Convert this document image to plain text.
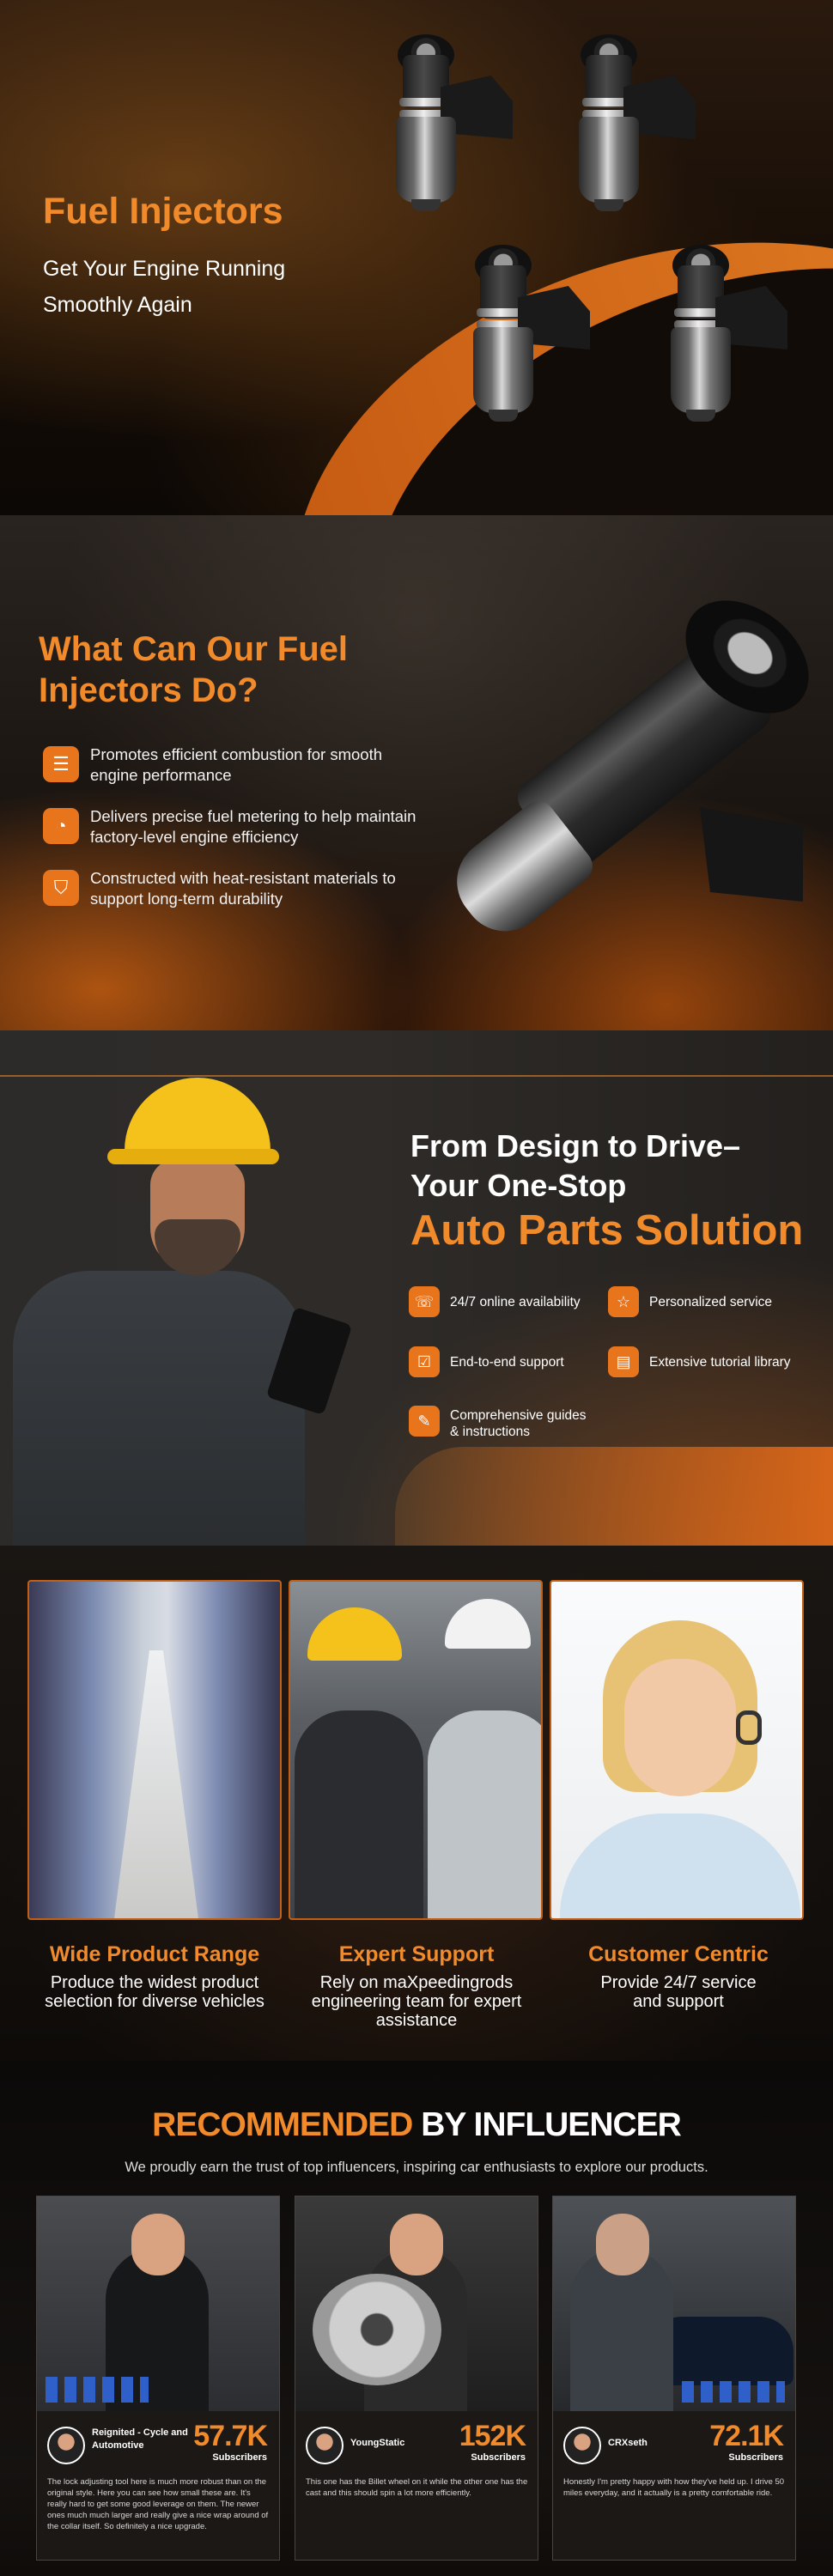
Fuel Injectors

Get Your Engine Running Smoothly Again

What Can Our Fuel Injectors Do?
☰	Promotes efficient combustion for smooth engine performance
◔	Delivers precise fuel metering to help maintain factory-level engine efficiency
⛉	Constructed with heat-resistant materials to support long-term durability
From Design to Drive–Your One-Stop
Auto Parts Solution
☏	24/7 online availability	☆	Personalized service
☑	End-to-end support	▤	Extensive tutorial library
✎	Comprehensive guides & instructions
Wide Product Range
Produce the widest product selection for diverse vehicles
Expert Support
Rely on maXpeedingrods engineering team for expert assistance
Customer Centric
Provide 24/7 service and support
RECOMMENDED BY INFLUENCER

We proudly earn the trust of top influencers, inspiring car enthusiasts to explore our products.

Reignited - Cycle and Automotive	57.7K
Subscribers
The lock adjusting tool here is much more robust than on the original style. Here you can see how small these are. It's really hard to get some good leverage on them. The newer ones much much larger and really give a nice wrap around of the collar itself. So definitely a nice upgrade.
YoungStatic	152K
Subscribers
This one has the Billet wheel on it while the other one has the cast and this should spin a lot more efficiently.
CRXseth	72.1K
Subscribers
Honestly I'm pretty happy with how they've held up. I drive 50 miles everyday, and it actually is a pretty comfortable ride.
